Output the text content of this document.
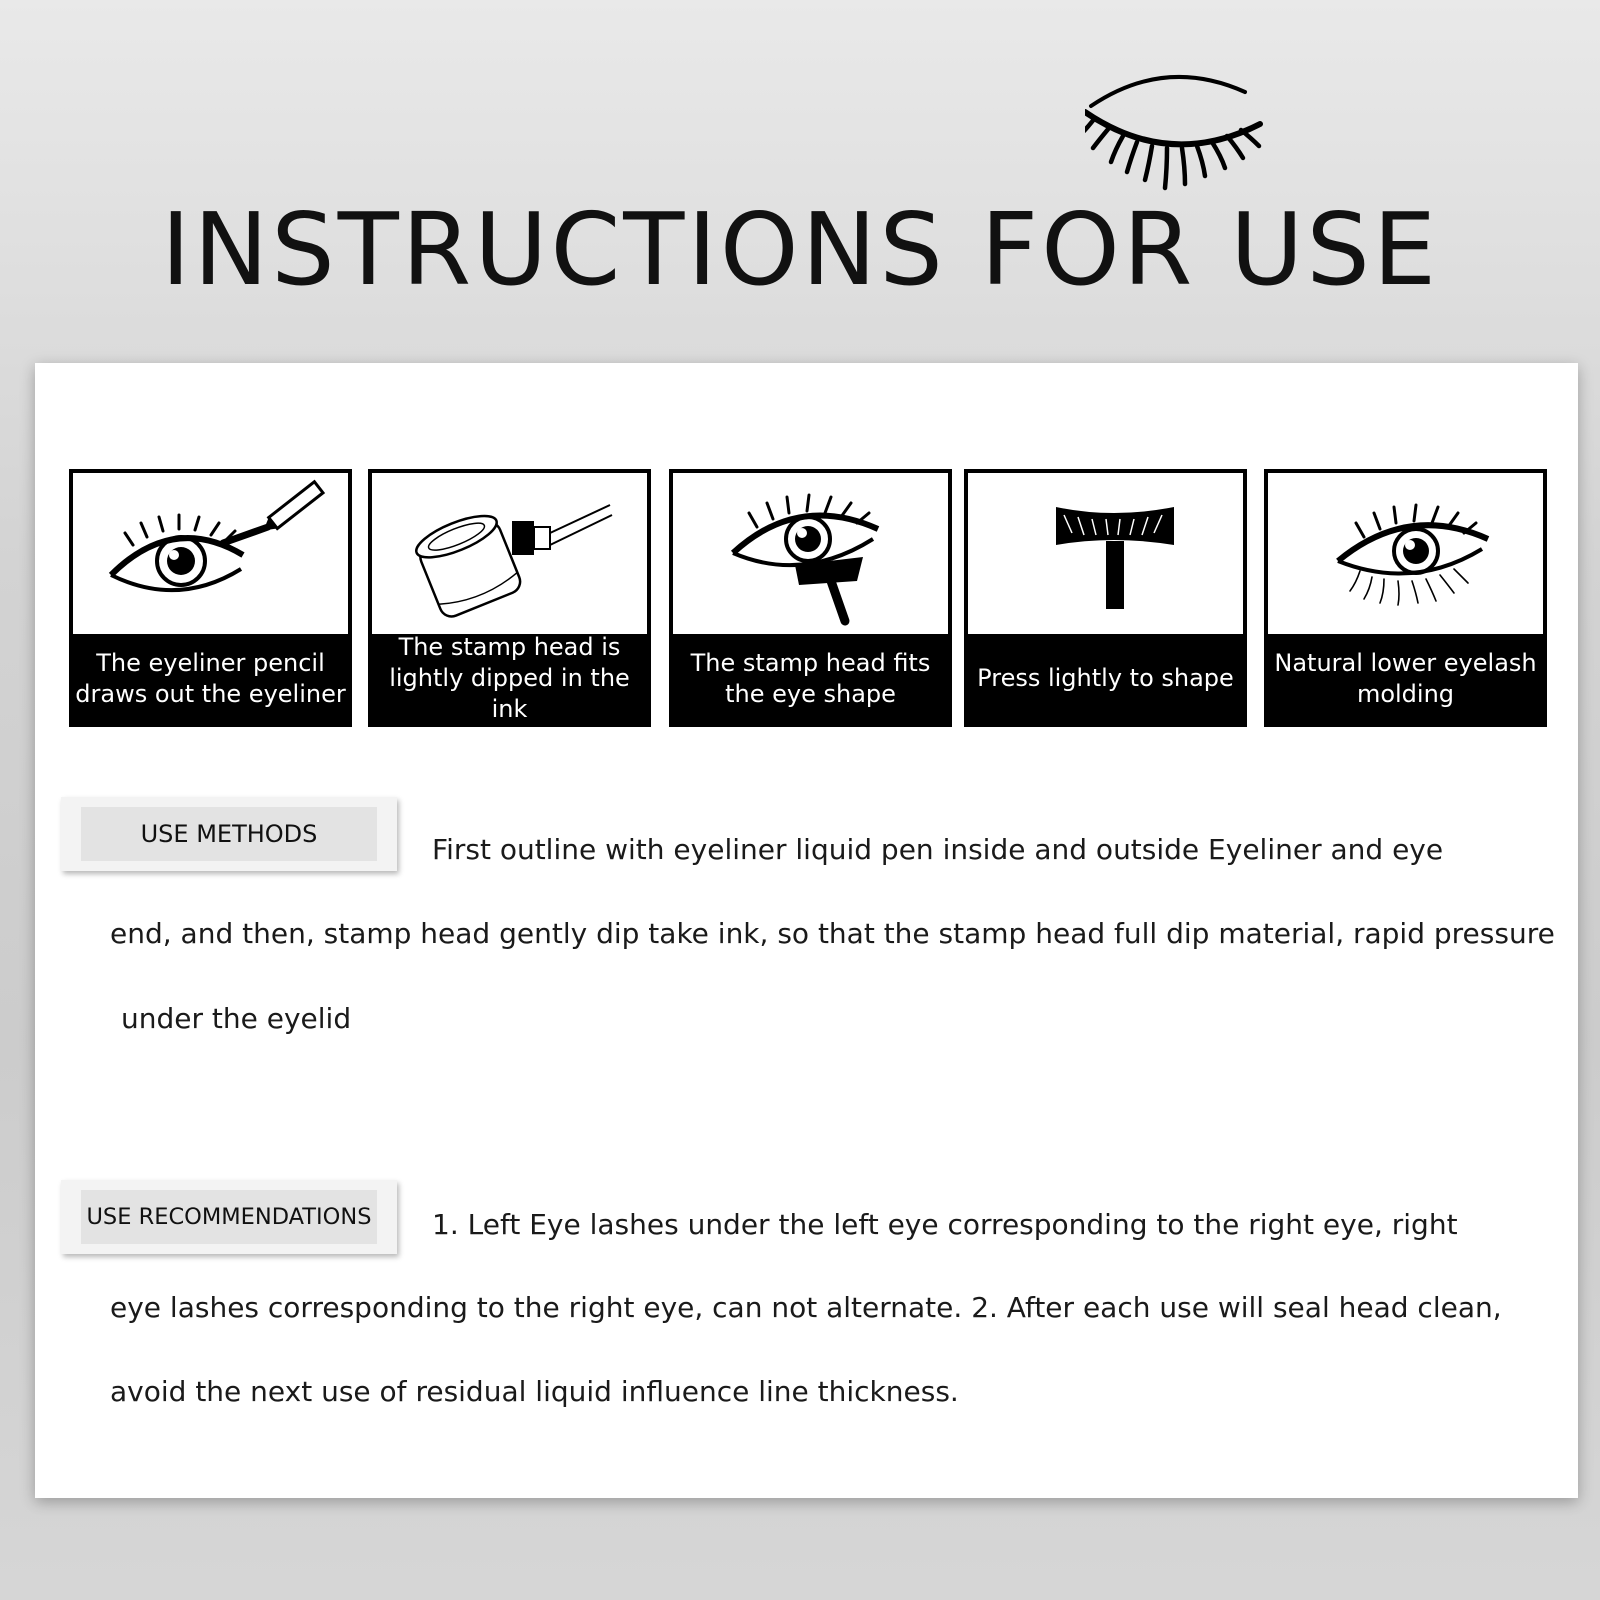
INSTRUCTIONS FOR USE
The eyeliner pencil draws out the eyeliner
The stamp head is lightly dipped in the ink
The stamp head fits the eye shape
Press lightly to shape
Natural lower eyelash molding
USE METHODS	First outline with eyeliner liquid pen inside and outside Eyeliner and eye
end, and then, stamp head gently dip take ink, so that the stamp head full dip material, rapid pressure
under the eyelid
USE RECOMMENDATIONS 1. Left Eye lashes under the left eye corresponding to the right eye, right
eye lashes corresponding to the right eye, can not alternate. 2. After each use will seal head clean,
avoid the next use of residual liquid influence line thickness.
